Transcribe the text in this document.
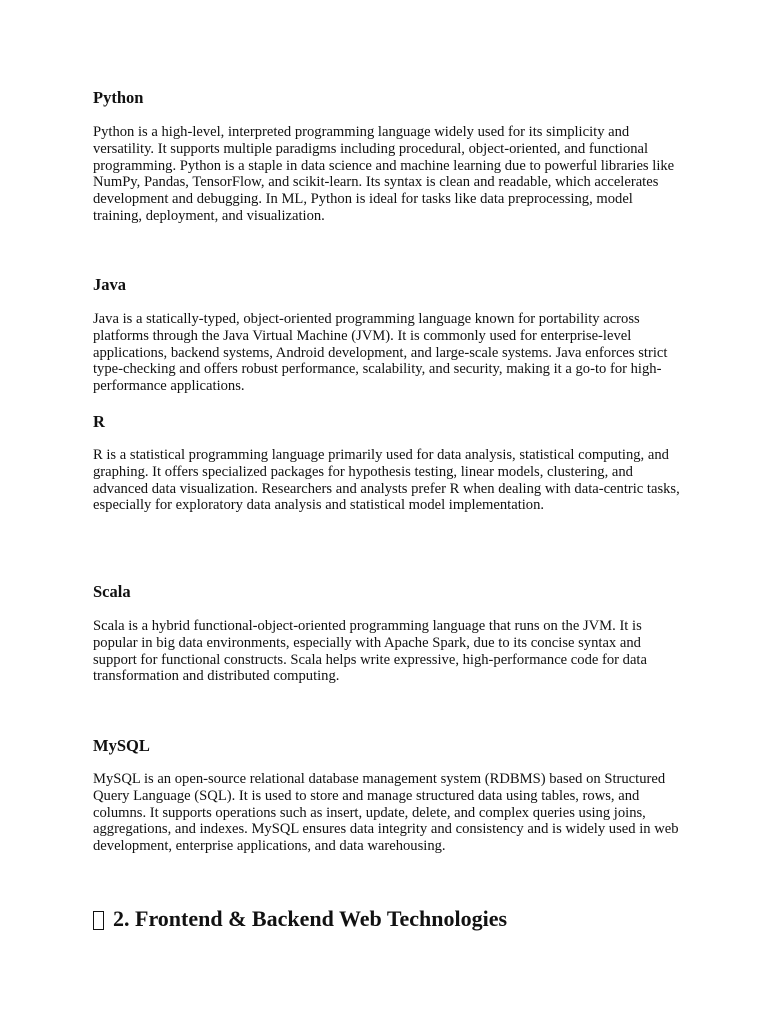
Python

Python is a high-level, interpreted programming language widely used for its simplicity and versatility. It supports multiple paradigms including procedural, object-oriented, and functional programming. Python is a staple in data science and machine learning due to powerful libraries like NumPy, Pandas, TensorFlow, and scikit-learn. Its syntax is clean and readable, which accelerates development and debugging. In ML, Python is ideal for tasks like data preprocessing, model training, deployment, and visualization.

Java

Java is a statically-typed, object-oriented programming language known for portability across platforms through the Java Virtual Machine (JVM). It is commonly used for enterprise-level applications, backend systems, Android development, and large-scale systems. Java enforces strict type-checking and offers robust performance, scalability, and security, making it a go-to for high-performance applications.

R

R is a statistical programming language primarily used for data analysis, statistical computing, and graphing. It offers specialized packages for hypothesis testing, linear models, clustering, and advanced data visualization. Researchers and analysts prefer R when dealing with data-centric tasks, especially for exploratory data analysis and statistical model implementation.

Scala

Scala is a hybrid functional-object-oriented programming language that runs on the JVM. It is popular in big data environments, especially with Apache Spark, due to its concise syntax and support for functional constructs. Scala helps write expressive, high-performance code for data transformation and distributed computing.

MySQL

MySQL is an open-source relational database management system (RDBMS) based on Structured Query Language (SQL). It is used to store and manage structured data using tables, rows, and columns. It supports operations such as insert, update, delete, and complex queries using joins, aggregations, and indexes. MySQL ensures data integrity and consistency and is widely used in web development, enterprise applications, and data warehousing.

2. Frontend & Backend Web Technologies
